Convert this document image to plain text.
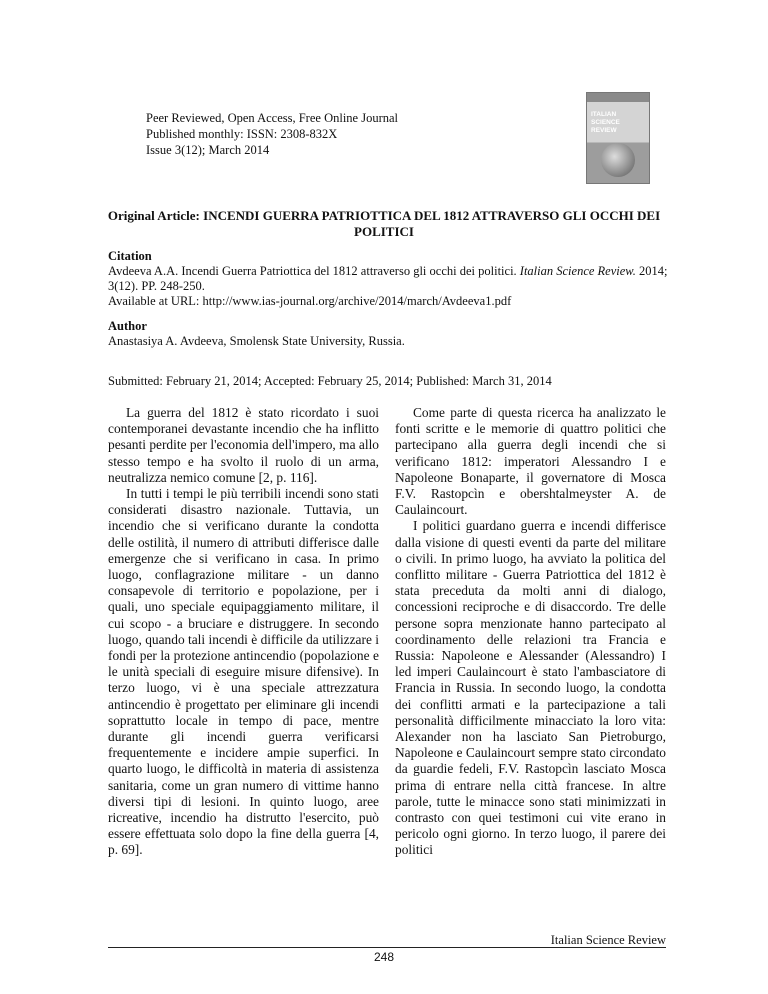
Peer Reviewed, Open Access, Free Online Journal
Published monthly: ISSN: 2308-832X
Issue 3(12); March 2014
ITALIAN SCIENCE REVIEW
Original Article: INCENDI GUERRA PATRIOTTICA DEL 1812 ATTRAVERSO GLI OCCHI DEI POLITICI
Citation
Avdeeva A.A. Incendi Guerra Patriottica del 1812 attraverso gli occhi dei politici. Italian Science Review. 2014; 3(12). PP. 248-250.
Available at URL: http://www.ias-journal.org/archive/2014/march/Avdeeva1.pdf
Author
Anastasiya A. Avdeeva, Smolensk State University, Russia.
Submitted: February 21, 2014; Accepted: February 25, 2014; Published: March 31, 2014

La guerra del 1812 è stato ricordato i suoi contemporanei devastante incendio che ha inflitto pesanti perdite per l'economia dell'impero, ma allo stesso tempo e ha svolto il ruolo di un arma, neutralizza nemico comune [2, p. 116].

In tutti i tempi le più terribili incendi sono stati considerati disastro nazionale. Tuttavia, un incendio che si verificano durante la condotta delle ostilità, il numero di attributi differisce dalle emergenze che si verificano in casa. In primo luogo, conflagrazione militare - un danno consapevole di territorio e popolazione, per i quali, uno speciale equipaggiamento militare, il cui scopo - a bruciare e distruggere. In secondo luogo, quando tali incendi è difficile da utilizzare i fondi per la protezione antincendio (popolazione e le unità speciali di eseguire misure difensive). In terzo luogo, vi è una speciale attrezzatura antincendio è progettato per eliminare gli incendi soprattutto locale in tempo di pace, mentre durante gli incendi guerra verificarsi frequentemente e incidere ampie superfici. In quarto luogo, le difficoltà in materia di assistenza sanitaria, come un gran numero di vittime hanno diversi tipi di lesioni. In quinto luogo, aree ricreative, incendio ha distrutto l'esercito, può essere effettuata solo dopo la fine della guerra [4, p. 69].

Come parte di questa ricerca ha analizzato le fonti scritte e le memorie di quattro politici che partecipano alla guerra degli incendi che si verificano 1812: imperatori Alessandro I e Napoleone Bonaparte, il governatore di Mosca F.V. Rastopcìn e obershtalmeyster A. de Caulaincourt.

I politici guardano guerra e incendi differisce dalla visione di questi eventi da parte del militare o civili. In primo luogo, ha avviato la politica del conflitto militare - Guerra Patriottica del 1812 è stata preceduta da molti anni di dialogo, concessioni reciproche e di disaccordo. Tre delle persone sopra menzionate hanno partecipato al coordinamento delle relazioni tra Francia e Russia: Napoleone e Alessander (Alessandro) I led imperi Caulaincourt è stato l'ambasciatore di Francia in Russia. In secondo luogo, la condotta dei conflitti armati e la partecipazione a tali personalità difficilmente minacciato la loro vita: Alexander non ha lasciato San Pietroburgo, Napoleone e Caulaincourt sempre stato circondato da guardie fedeli, F.V. Rastopcìn lasciato Mosca prima di entrare nella città francese. In altre parole, tutte le minacce sono stati minimizzati in contrasto con quei testimoni cui vite erano in pericolo ogni giorno. In terzo luogo, il parere dei politici

Italian Science Review
248
